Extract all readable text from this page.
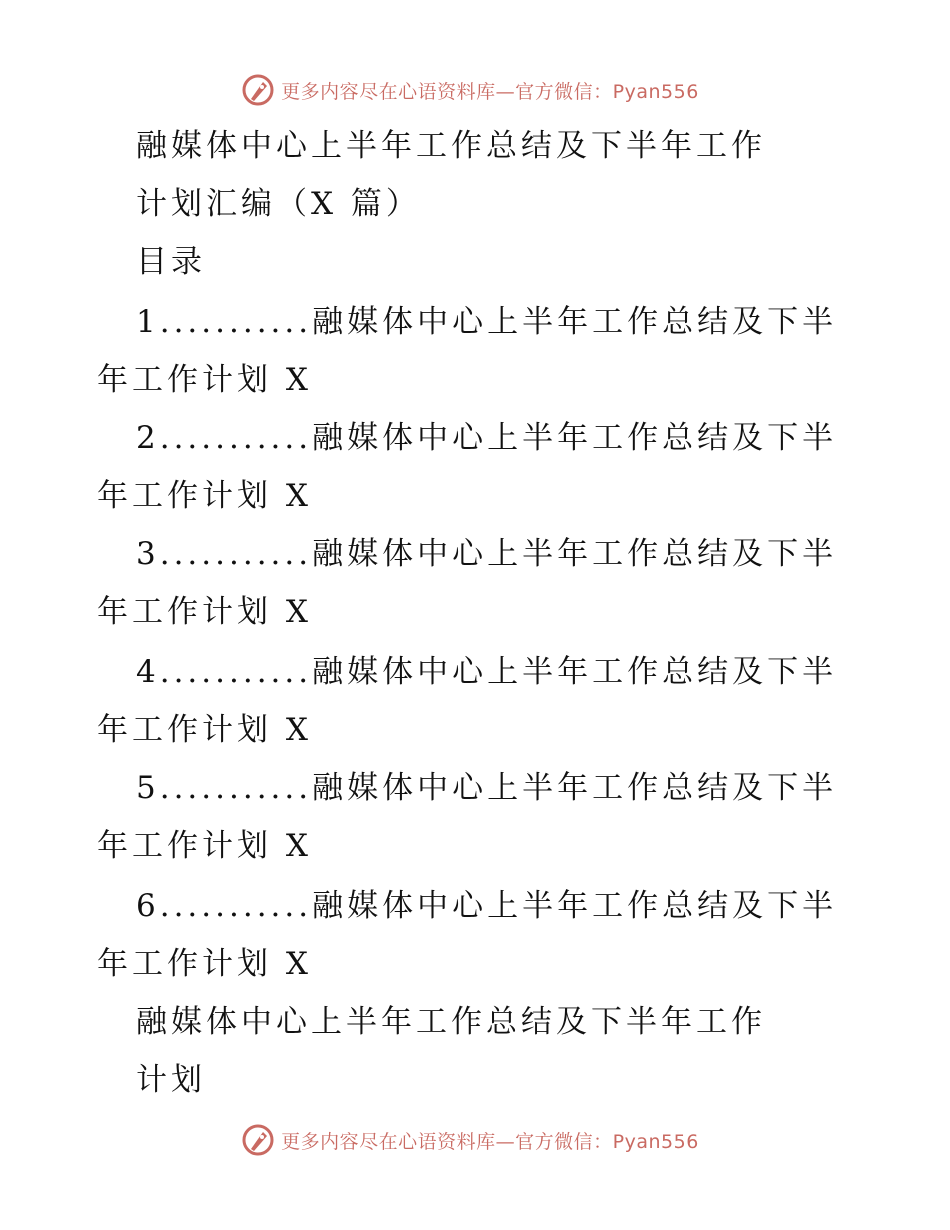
更多内容尽在心语资料库—官方微信：Pyan556
融媒体中心上半年工作总结及下半年工作
计划汇编（X 篇）
目录
1...........融媒体中心上半年工作总结及下半
年工作计划 X
2...........融媒体中心上半年工作总结及下半
年工作计划 X
3...........融媒体中心上半年工作总结及下半
年工作计划 X
4...........融媒体中心上半年工作总结及下半
年工作计划 X
5...........融媒体中心上半年工作总结及下半
年工作计划 X
6...........融媒体中心上半年工作总结及下半
年工作计划 X
融媒体中心上半年工作总结及下半年工作
计划
更多内容尽在心语资料库—官方微信：Pyan556
